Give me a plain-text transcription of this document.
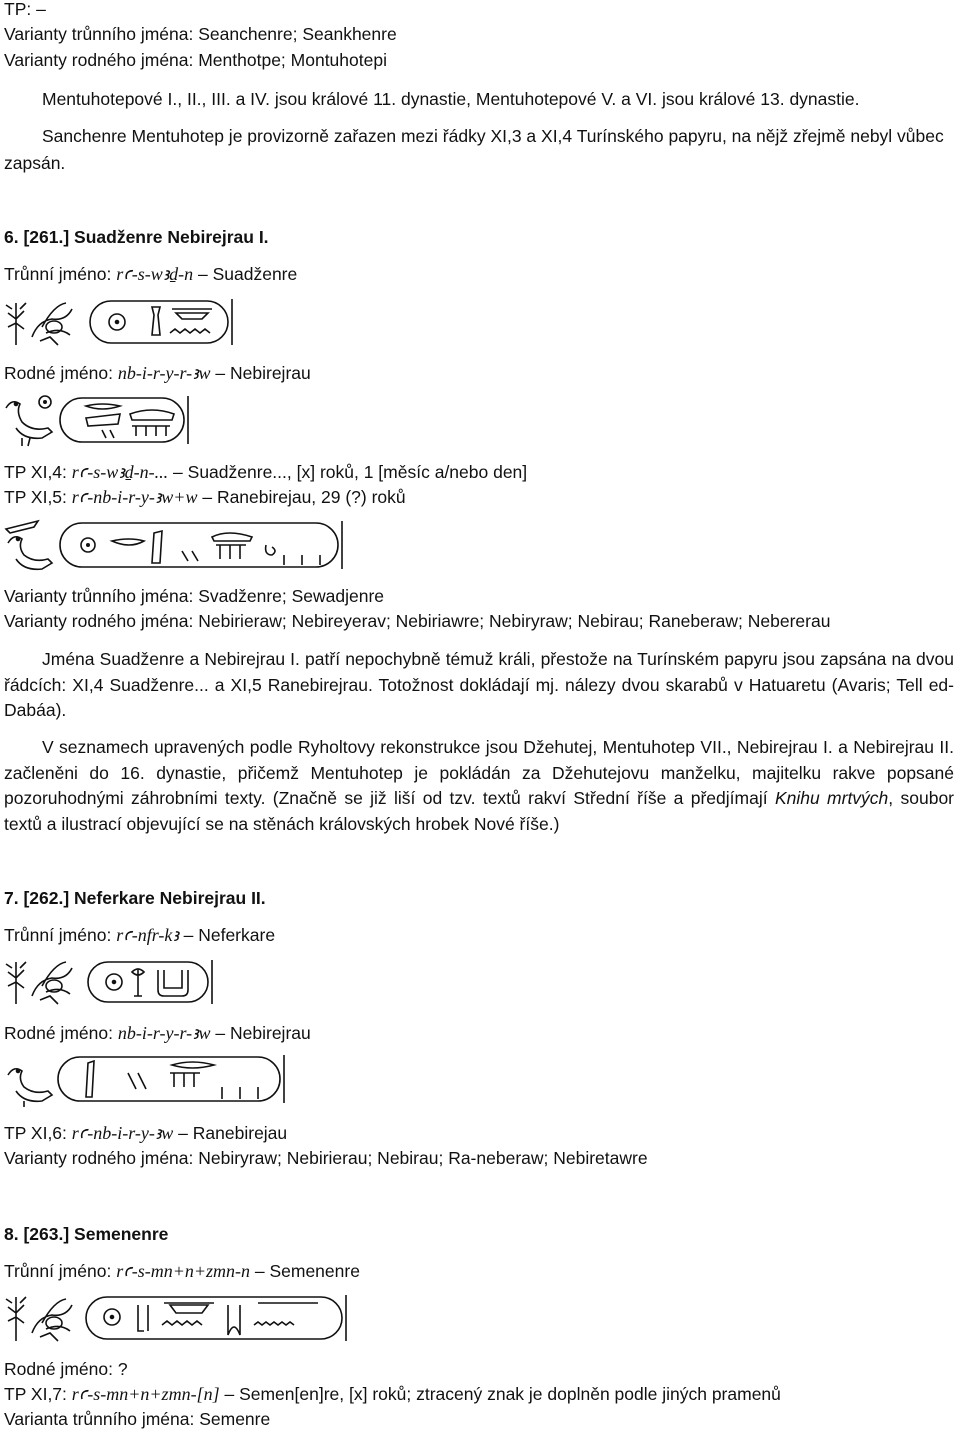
TP: –
Varianty trůnního jména: Seanchenre; Seankhenre
Varianty rodného jména: Menthotpe; Montuhotepi
Mentuhotepové I., II., III. a IV. jsou králové 11. dynastie, Mentuhotepové V. a VI. jsou králové 13. dynastie.
Sanchenre Mentuhotep je provizorně zařazen mezi řádky XI,3 a XI,4 Turínského papyru, na nějž zřejmě nebyl vůbec zapsán.
6. [261.] Suadženre Nebirejrau I.
Trůnní jméno: rꜥ-s-wꜣḏ-n – Suadženre
Rodné jméno: nb-i-r-y-r-ꜣw – Nebirejrau
TP XI,4: rꜥ-s-wꜣḏ-n-... – Suadženre..., [x] roků, 1 [měsíc a/nebo den]
TP XI,5: rꜥ-nb-i-r-y-ꜣw+w – Ranebirejau, 29 (?) roků
Varianty trůnního jména: Svadženre; Sewadjenre
Varianty rodného jména: Nebirieraw; Nebireyerav; Nebiriawre; Nebiryraw; Nebirau; Raneberaw; Nebererau
Jména Suadženre a Nebirejrau I. patří nepochybně témuž králi, přestože na Turínském papyru jsou zapsána na dvou řádcích: XI,4 Suadženre... a XI,5 Ranebirejrau. Totožnost dokládají mj. nálezy dvou skarabů v Hatuaretu (Avaris; Tell ed-Dabáa).
V seznamech upravených podle Ryholtovy rekonstrukce jsou Džehutej, Mentuhotep VII., Nebirejrau I. a Nebirejrau II. začleněni do 16. dynastie, přičemž Mentuhotep je pokládán za Džehutejovu manželku, majitelku rakve popsané pozoruhodnými záhrobními texty. (Značně se již liší od tzv. textů rakví Střední říše a předjímají Knihu mrtvých, soubor textů a ilustrací objevující se na stěnách královských hrobek Nové říše.)
7. [262.] Neferkare Nebirejrau II.
Trůnní jméno: rꜥ-nfr-kꜣ – Neferkare
Rodné jméno: nb-i-r-y-r-ꜣw – Nebirejrau
TP XI,6: rꜥ-nb-i-r-y-ꜣw – Ranebirejau
Varianty rodného jména: Nebiryraw; Nebirierau; Nebirau; Ra-neberaw; Nebiretawre
8. [263.] Semenenre
Trůnní jméno: rꜥ-s-mn+n+zmn-n – Semenenre
Rodné jméno: ?
TP XI,7: rꜥ-s-mn+n+zmn-[n] – Semen[en]re, [x] roků; ztracený znak je doplněn podle jiných pramenů
Varianta trůnního jména: Semenre
